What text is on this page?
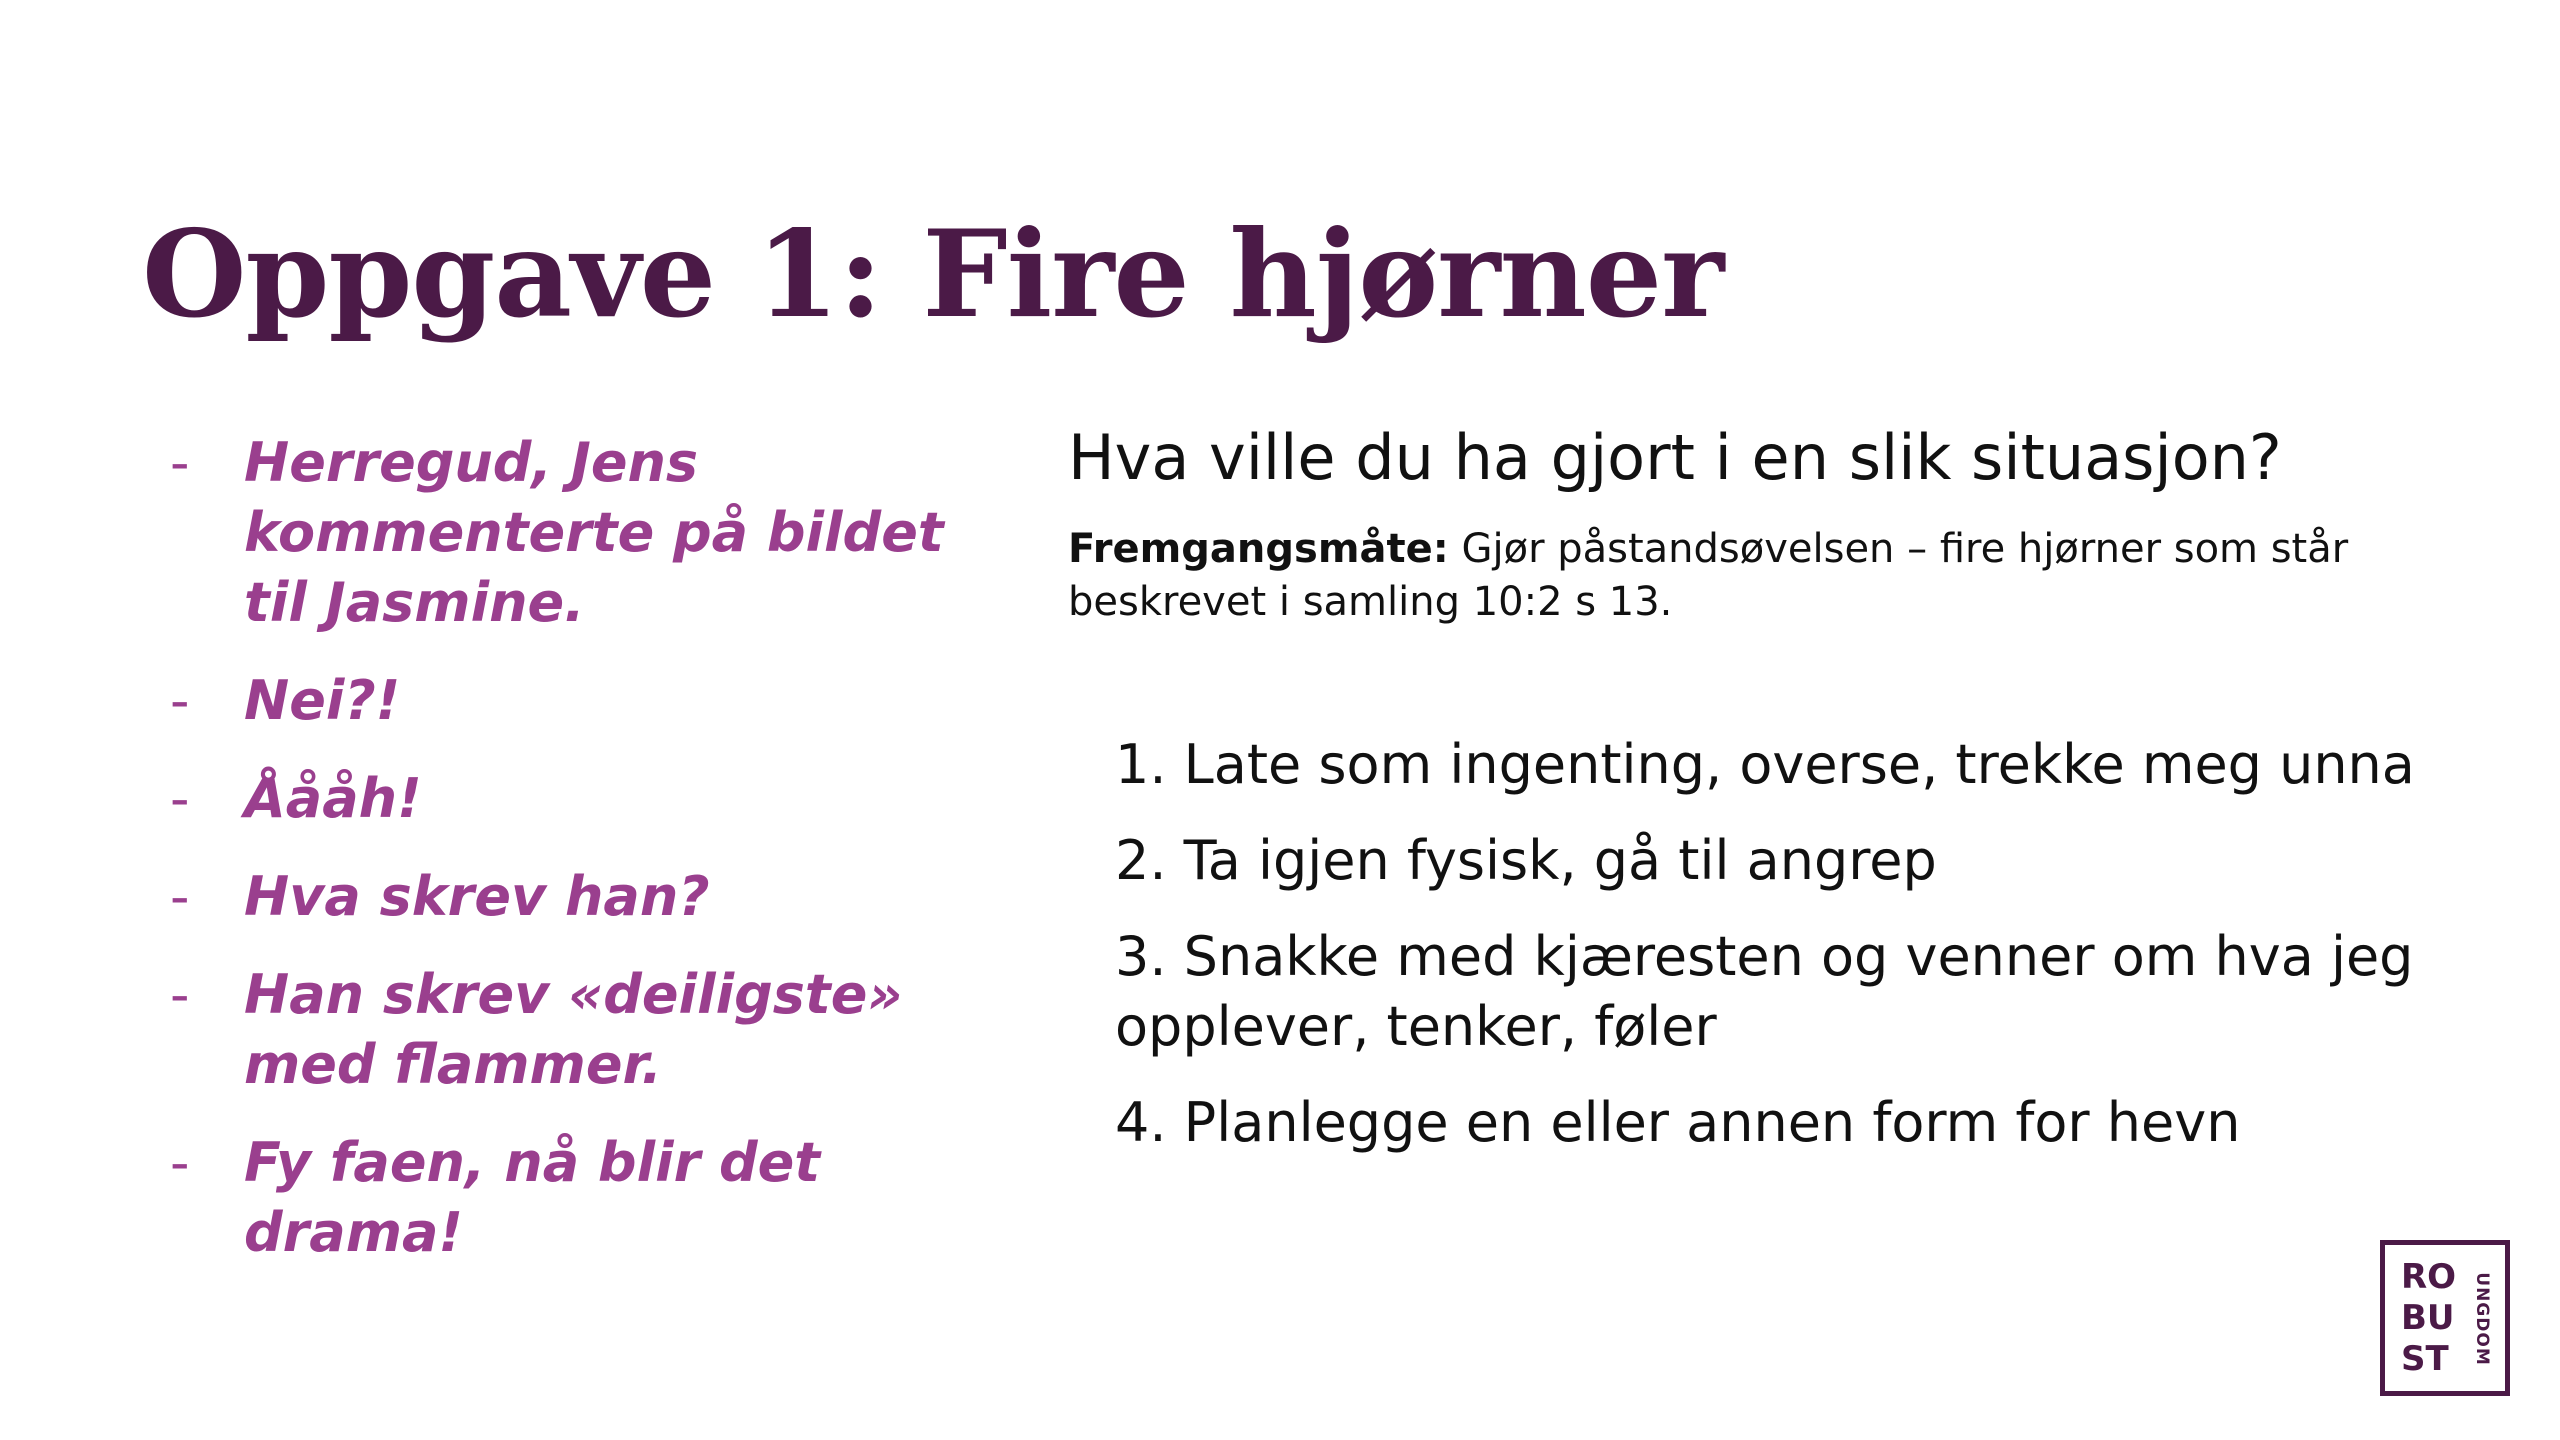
Oppgave 1: Fire hjørner
- Herregud, Jens kommenterte på bildet til Jasmine.
- Nei?!
- Åååh!
- Hva skrev han?
- Han skrev «deiligste» med flammer.
- Fy faen, nå blir det drama!

Hva ville du ha gjort i en slik situasjon?

Fremgangsmåte: Gjør påstandsøvelsen – fire hjørner som står beskrevet i samling 10:2 s 13.

1. Late som ingenting, overse, trekke meg unna
2. Ta igjen fysisk, gå til angrep
3. Snakke med kjæresten og venner om hva jeg opplever, tenker, føler
4. Planlegge en eller annen form for hevn
RO
BU
ST	UNGDOM
